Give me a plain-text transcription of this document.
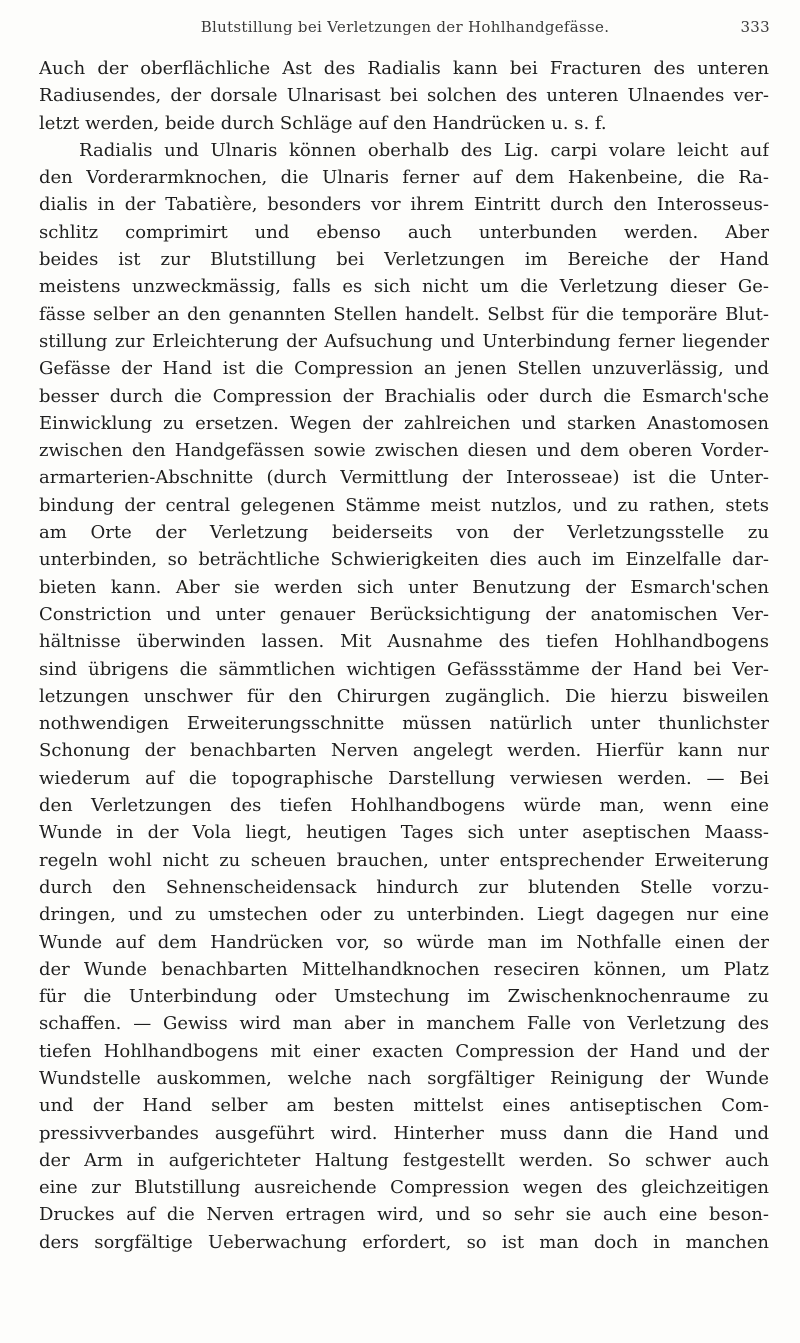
Blutstillung bei Verletzungen der Hohlhandgefässe.	333
Auch der oberflächliche Ast des Radialis kann bei Fracturen des unteren
Radiusendes, der dorsale Ulnarisast bei solchen des unteren Ulnaendes ver-
letzt werden, beide durch Schläge auf den Handrücken u. s. f.
Radialis und Ulnaris können oberhalb des Lig. carpi volare leicht auf
den Vorderarmknochen, die Ulnaris ferner auf dem Hakenbeine, die Ra-
dialis in der Tabatière, besonders vor ihrem Eintritt durch den Interosseus-
schlitz comprimirt und ebenso auch unterbunden werden. Aber
beides ist zur Blutstillung bei Verletzungen im Bereiche der Hand
meistens unzweckmässig, falls es sich nicht um die Verletzung dieser Ge-
fässe selber an den genannten Stellen handelt. Selbst für die temporäre Blut-
stillung zur Erleichterung der Aufsuchung und Unterbindung ferner liegender
Gefässe der Hand ist die Compression an jenen Stellen unzuverlässig, und
besser durch die Compression der Brachialis oder durch die Esmarch'sche
Einwicklung zu ersetzen. Wegen der zahlreichen und starken Anastomosen
zwischen den Handgefässen sowie zwischen diesen und dem oberen Vorder-
armarterien-Abschnitte (durch Vermittlung der Interosseae) ist die Unter-
bindung der central gelegenen Stämme meist nutzlos, und zu rathen, stets
am Orte der Verletzung beiderseits von der Verletzungsstelle zu
unterbinden, so beträchtliche Schwierigkeiten dies auch im Einzelfalle dar-
bieten kann. Aber sie werden sich unter Benutzung der Esmarch'schen
Constriction und unter genauer Berücksichtigung der anatomischen Ver-
hältnisse überwinden lassen. Mit Ausnahme des tiefen Hohlhandbogens
sind übrigens die sämmtlichen wichtigen Gefässstämme der Hand bei Ver-
letzungen unschwer für den Chirurgen zugänglich. Die hierzu bisweilen
nothwendigen Erweiterungsschnitte müssen natürlich unter thunlichster
Schonung der benachbarten Nerven angelegt werden. Hierfür kann nur
wiederum auf die topographische Darstellung verwiesen werden. — Bei
den Verletzungen des tiefen Hohlhandbogens würde man, wenn eine
Wunde in der Vola liegt, heutigen Tages sich unter aseptischen Maass-
regeln wohl nicht zu scheuen brauchen, unter entsprechender Erweiterung
durch den Sehnenscheidensack hindurch zur blutenden Stelle vorzu-
dringen, und zu umstechen oder zu unterbinden. Liegt dagegen nur eine
Wunde auf dem Handrücken vor, so würde man im Nothfalle einen der
der Wunde benachbarten Mittelhandknochen reseciren können, um Platz
für die Unterbindung oder Umstechung im Zwischenknochenraume zu
schaffen. — Gewiss wird man aber in manchem Falle von Verletzung des
tiefen Hohlhandbogens mit einer exacten Compression der Hand und der
Wundstelle auskommen, welche nach sorgfältiger Reinigung der Wunde
und der Hand selber am besten mittelst eines antiseptischen Com-
pressivverbandes ausgeführt wird. Hinterher muss dann die Hand und
der Arm in aufgerichteter Haltung festgestellt werden. So schwer auch
eine zur Blutstillung ausreichende Compression wegen des gleichzeitigen
Druckes auf die Nerven ertragen wird, und so sehr sie auch eine beson-
ders sorgfältige Ueberwachung erfordert, so ist man doch in manchen
